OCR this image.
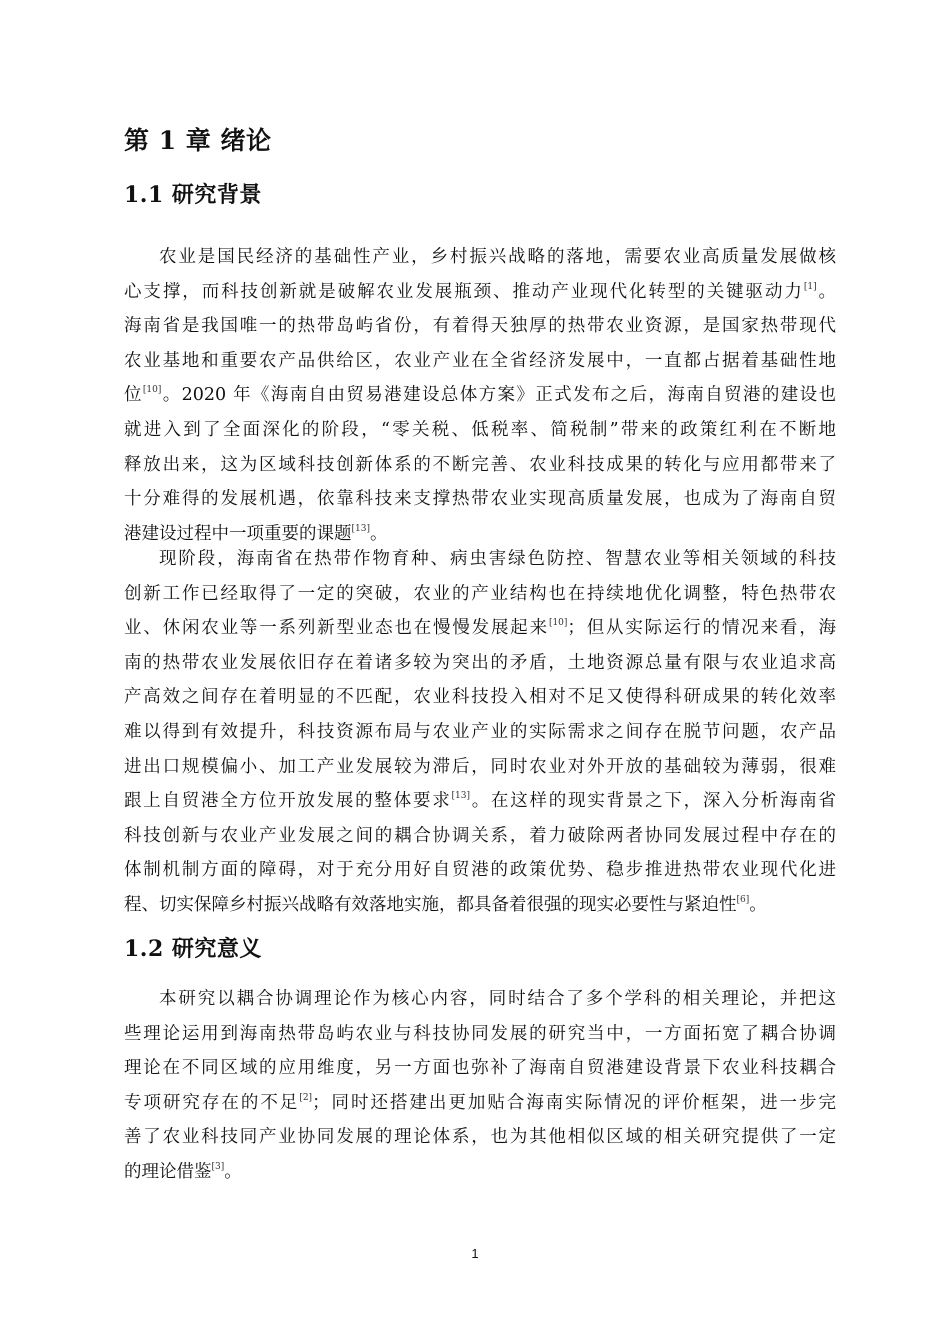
第 1 章 绪论
1.1 研究背景
农业是国民经济的基础性产业，乡村振兴战略的落地，需要农业高质量发展做核
心支撑，而科技创新就是破解农业发展瓶颈、推动产业现代化转型的关键驱动力[1]。
海南省是我国唯一的热带岛屿省份，有着得天独厚的热带农业资源，是国家热带现代
农业基地和重要农产品供给区，农业产业在全省经济发展中，一直都占据着基础性地
位[10]。2020 年《海南自由贸易港建设总体方案》正式发布之后，海南自贸港的建设也
就进入到了全面深化的阶段，“零关税、低税率、简税制”带来的政策红利在不断地
释放出来，这为区域科技创新体系的不断完善、农业科技成果的转化与应用都带来了
十分难得的发展机遇，依靠科技来支撑热带农业实现高质量发展，也成为了海南自贸
港建设过程中一项重要的课题[13]。
现阶段，海南省在热带作物育种、病虫害绿色防控、智慧农业等相关领域的科技
创新工作已经取得了一定的突破，农业的产业结构也在持续地优化调整，特色热带农
业、休闲农业等一系列新型业态也在慢慢发展起来[10]；但从实际运行的情况来看，海
南的热带农业发展依旧存在着诸多较为突出的矛盾，土地资源总量有限与农业追求高
产高效之间存在着明显的不匹配，农业科技投入相对不足又使得科研成果的转化效率
难以得到有效提升，科技资源布局与农业产业的实际需求之间存在脱节问题，农产品
进出口规模偏小、加工产业发展较为滞后，同时农业对外开放的基础较为薄弱，很难
跟上自贸港全方位开放发展的整体要求[13]。在这样的现实背景之下，深入分析海南省
科技创新与农业产业发展之间的耦合协调关系，着力破除两者协同发展过程中存在的
体制机制方面的障碍，对于充分用好自贸港的政策优势、稳步推进热带农业现代化进
程、切实保障乡村振兴战略有效落地实施，都具备着很强的现实必要性与紧迫性[6]。
1.2 研究意义
本研究以耦合协调理论作为核心内容，同时结合了多个学科的相关理论，并把这
些理论运用到海南热带岛屿农业与科技协同发展的研究当中，一方面拓宽了耦合协调
理论在不同区域的应用维度，另一方面也弥补了海南自贸港建设背景下农业科技耦合
专项研究存在的不足[2]；同时还搭建出更加贴合海南实际情况的评价框架，进一步完
善了农业科技同产业协同发展的理论体系，也为其他相似区域的相关研究提供了一定
的理论借鉴[3]。
1
